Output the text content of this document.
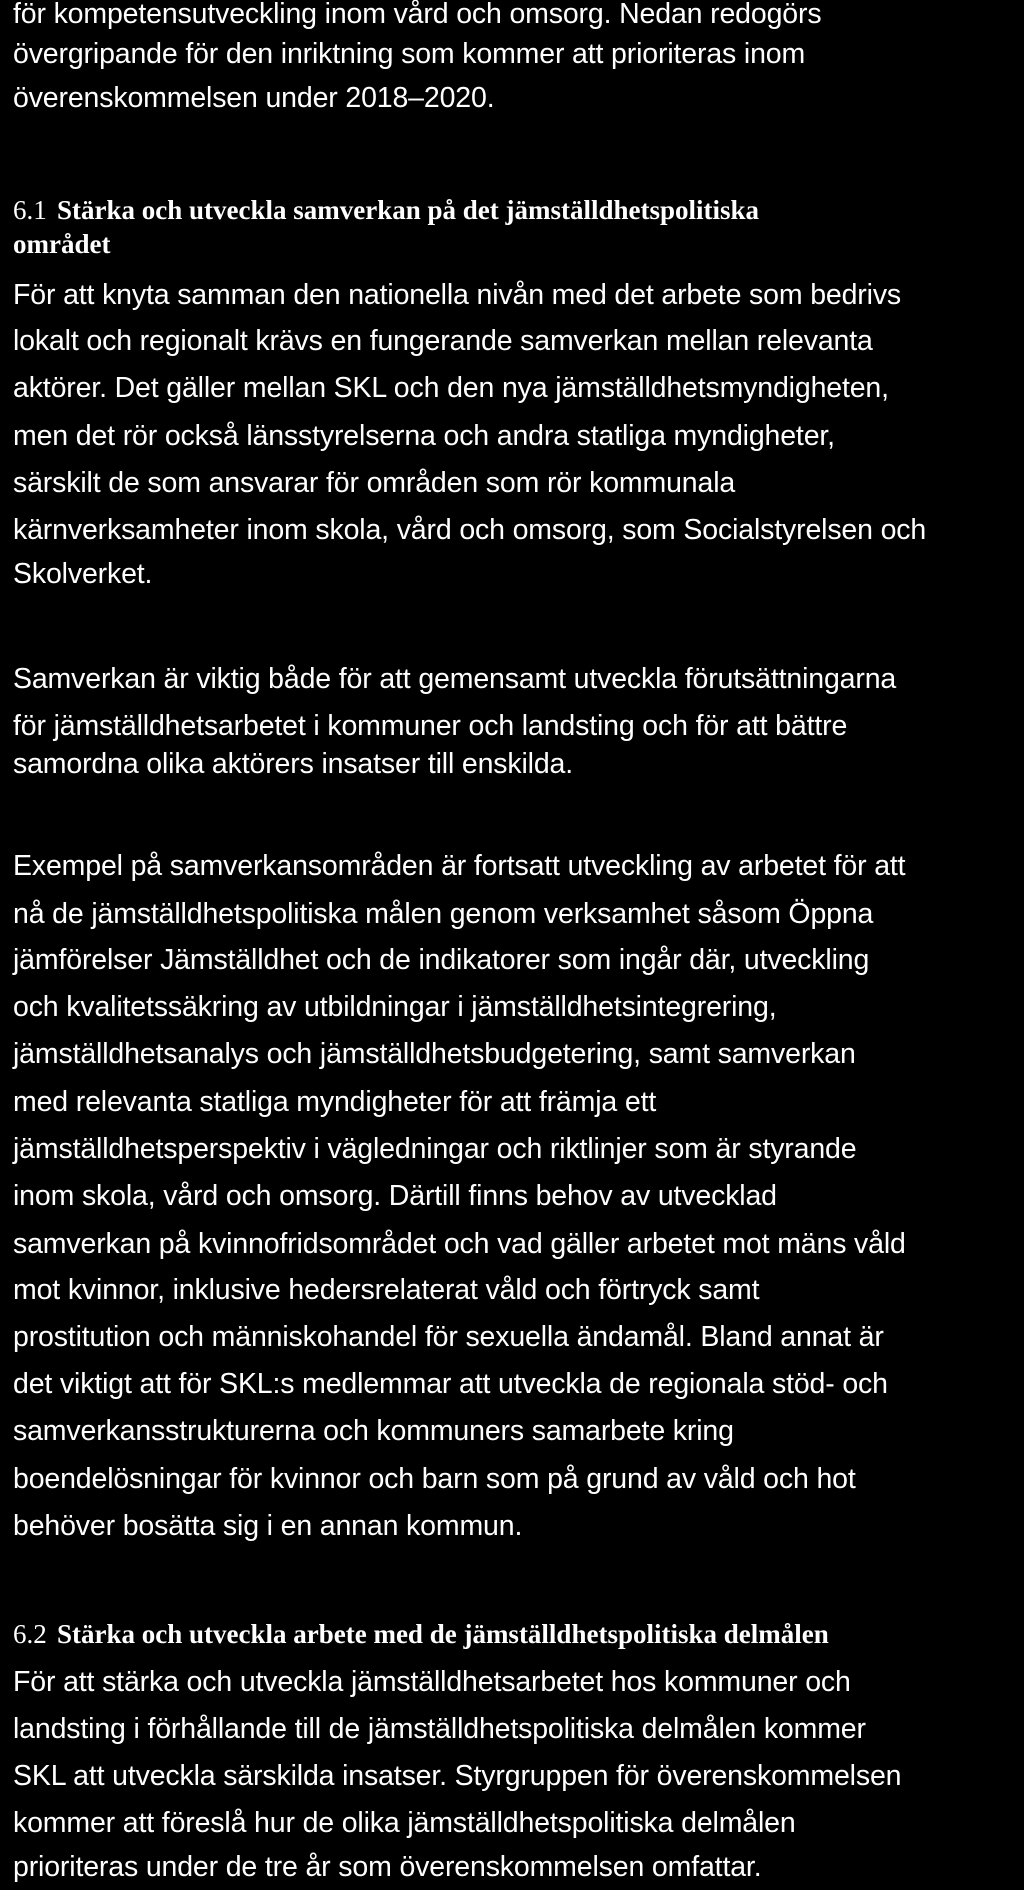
för kompetensutveckling inom vård och omsorg. Nedan redogörs
övergripande för den inriktning som kommer att prioriteras inom
överenskommelsen under 2018–2020.
6.1 Stärka och utveckla samverkan på det jämställdhetspolitiska
området
För att knyta samman den nationella nivån med det arbete som bedrivs
lokalt och regionalt krävs en fungerande samverkan mellan relevanta
aktörer. Det gäller mellan SKL och den nya jämställdhetsmyndigheten,
men det rör också länsstyrelserna och andra statliga myndigheter,
särskilt de som ansvarar för områden som rör kommunala
kärnverksamheter inom skola, vård och omsorg, som Socialstyrelsen och
Skolverket.
Samverkan är viktig både för att gemensamt utveckla förutsättningarna
för jämställdhetsarbetet i kommuner och landsting och för att bättre
samordna olika aktörers insatser till enskilda.
Exempel på samverkansområden är fortsatt utveckling av arbetet för att
nå de jämställdhetspolitiska målen genom verksamhet såsom Öppna
jämförelser Jämställdhet och de indikatorer som ingår där, utveckling
och kvalitetssäkring av utbildningar i jämställdhetsintegrering,
jämställdhetsanalys och jämställdhetsbudgetering, samt samverkan
med relevanta statliga myndigheter för att främja ett
jämställdhetsperspektiv i vägledningar och riktlinjer som är styrande
inom skola, vård och omsorg. Därtill finns behov av utvecklad
samverkan på kvinnofridsområdet och vad gäller arbetet mot mäns våld
mot kvinnor, inklusive hedersrelaterat våld och förtryck samt
prostitution och människohandel för sexuella ändamål. Bland annat är
det viktigt att för SKL:s medlemmar att utveckla de regionala stöd- och
samverkansstrukturerna och kommuners samarbete kring
boendelösningar för kvinnor och barn som på grund av våld och hot
behöver bosätta sig i en annan kommun.
6.2 Stärka och utveckla arbete med de jämställdhetspolitiska delmålen
För att stärka och utveckla jämställdhetsarbetet hos kommuner och
landsting i förhållande till de jämställdhetspolitiska delmålen kommer
SKL att utveckla särskilda insatser. Styrgruppen för överenskommelsen
kommer att föreslå hur de olika jämställdhetspolitiska delmålen
prioriteras under de tre år som överenskommelsen omfattar.
